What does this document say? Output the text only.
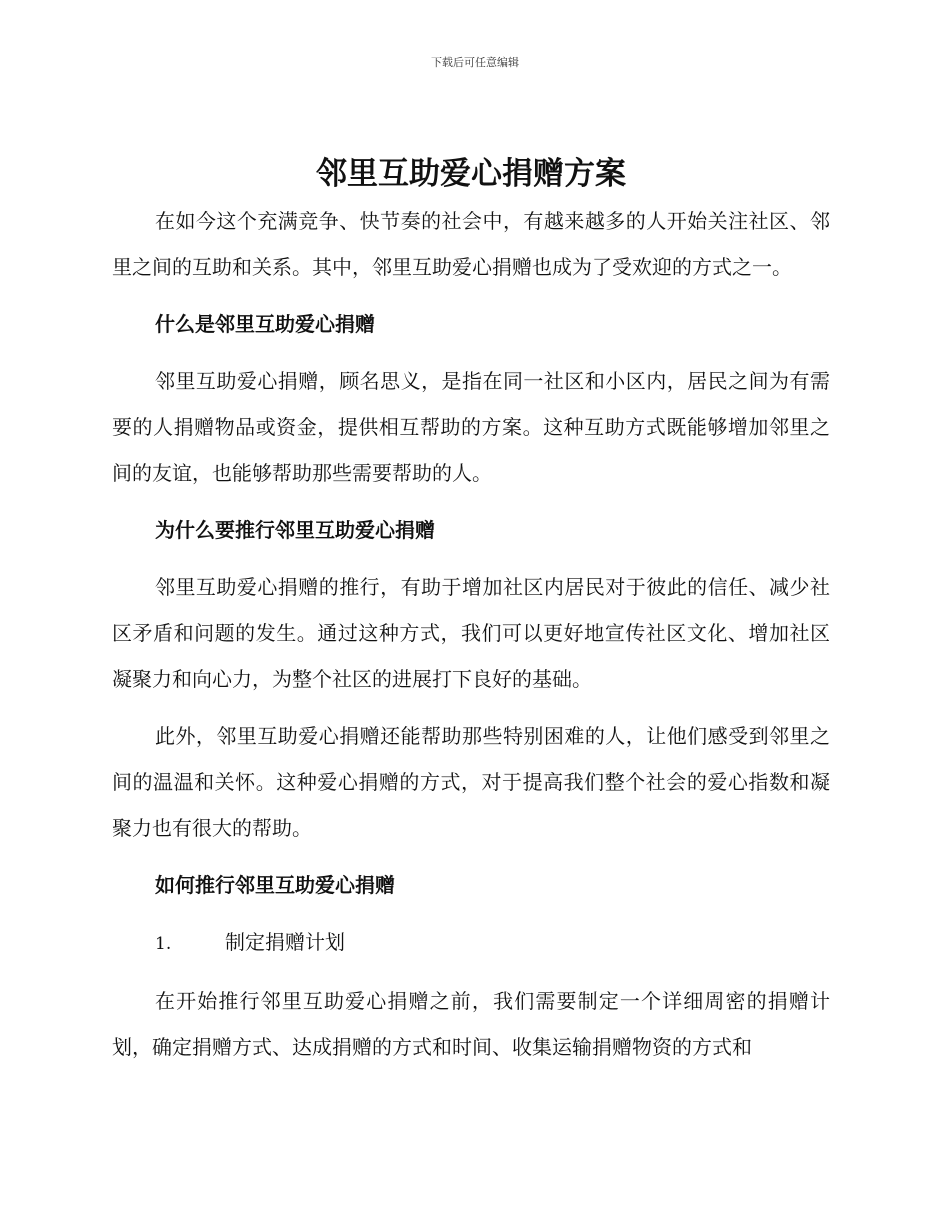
下载后可任意编辑
邻里互助爱心捐赠方案

在如今这个充满竞争、快节奏的社会中，有越来越多的人开始关注社区、邻里之间的互助和关系。其中，邻里互助爱心捐赠也成为了受欢迎的方式之一。

什么是邻里互助爱心捐赠

邻里互助爱心捐赠，顾名思义，是指在同一社区和小区内，居民之间为有需要的人捐赠物品或资金，提供相互帮助的方案。这种互助方式既能够增加邻里之间的友谊，也能够帮助那些需要帮助的人。

为什么要推行邻里互助爱心捐赠

邻里互助爱心捐赠的推行，有助于增加社区内居民对于彼此的信任、减少社区矛盾和问题的发生。通过这种方式，我们可以更好地宣传社区文化、增加社区凝聚力和向心力，为整个社区的进展打下良好的基础。

此外，邻里互助爱心捐赠还能帮助那些特别困难的人，让他们感受到邻里之间的温温和关怀。这种爱心捐赠的方式，对于提高我们整个社会的爱心指数和凝聚力也有很大的帮助。

如何推行邻里互助爱心捐赠

1.	制定捐赠计划

在开始推行邻里互助爱心捐赠之前，我们需要制定一个详细周密的捐赠计划，确定捐赠方式、达成捐赠的方式和时间、收集运输捐赠物资的方式和
